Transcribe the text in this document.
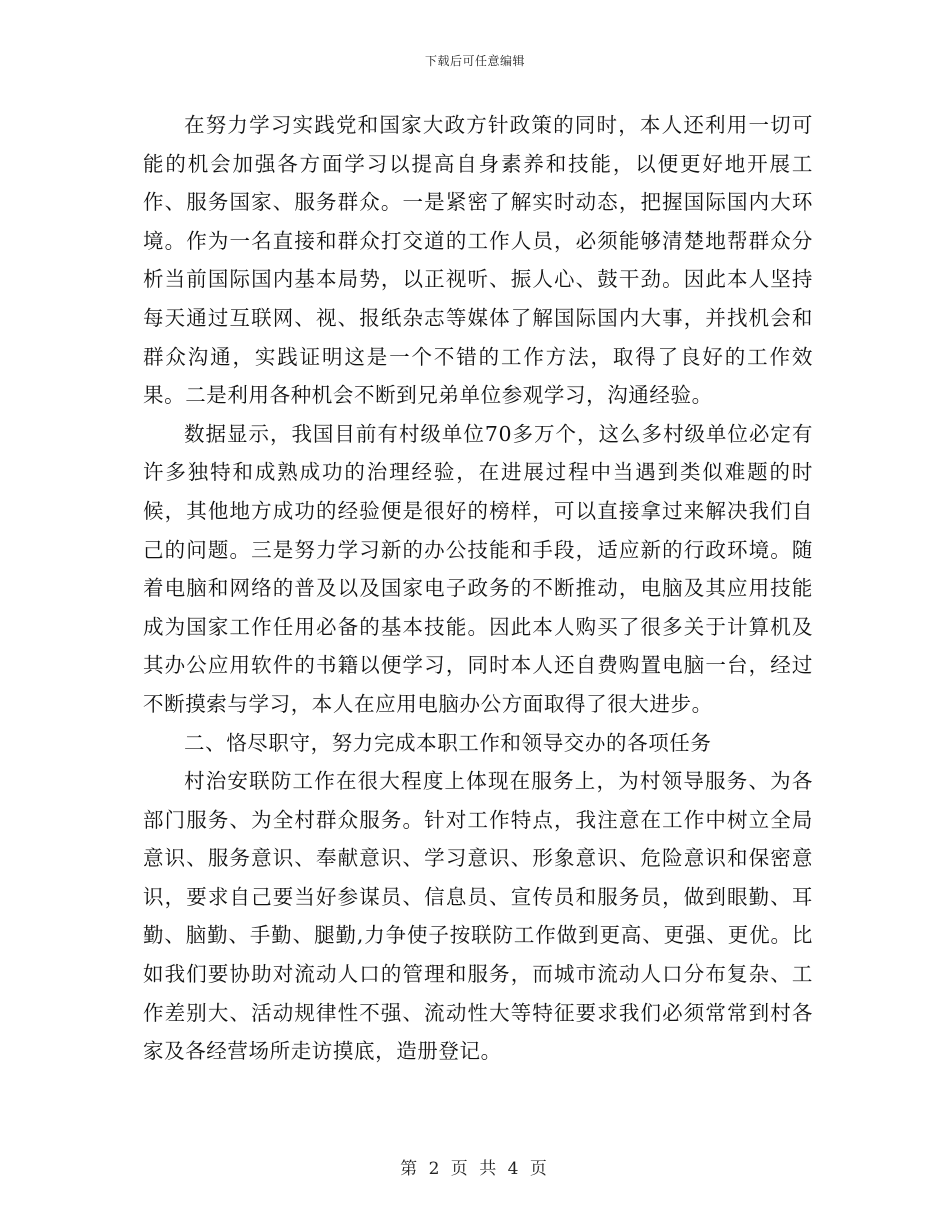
下载后可任意编辑

在努力学习实践党和国家大政方针政策的同时，本人还利用一切可能的机会加强各方面学习以提高自身素养和技能，以便更好地开展工作、服务国家、服务群众。一是紧密了解实时动态，把握国际国内大环境。作为一名直接和群众打交道的工作人员，必须能够清楚地帮群众分析当前国际国内基本局势，以正视听、振人心、鼓干劲。因此本人坚持每天通过互联网、视、报纸杂志等媒体了解国际国内大事，并找机会和群众沟通，实践证明这是一个不错的工作方法，取得了良好的工作效果。二是利用各种机会不断到兄弟单位参观学习，沟通经验。

数据显示，我国目前有村级单位70多万个，这么多村级单位必定有许多独特和成熟成功的治理经验，在进展过程中当遇到类似难题的时候，其他地方成功的经验便是很好的榜样，可以直接拿过来解决我们自己的问题。三是努力学习新的办公技能和手段，适应新的行政环境。随着电脑和网络的普及以及国家电子政务的不断推动，电脑及其应用技能成为国家工作任用必备的基本技能。因此本人购买了很多关于计算机及其办公应用软件的书籍以便学习，同时本人还自费购置电脑一台，经过不断摸索与学习，本人在应用电脑办公方面取得了很大进步。

二、恪尽职守，努力完成本职工作和领导交办的各项任务

村治安联防工作在很大程度上体现在服务上，为村领导服务、为各部门服务、为全村群众服务。针对工作特点，我注意在工作中树立全局意识、服务意识、奉献意识、学习意识、形象意识、危险意识和保密意识，要求自己要当好参谋员、信息员、宣传员和服务员，做到眼勤、耳勤、脑勤、手勤、腿勤,力争使子按联防工作做到更高、更强、更优。比如我们要协助对流动人口的管理和服务，而城市流动人口分布复杂、工作差别大、活动规律性不强、流动性大等特征要求我们必须常常到村各家及各经营场所走访摸底，造册登记。

第 2 页 共 4 页
